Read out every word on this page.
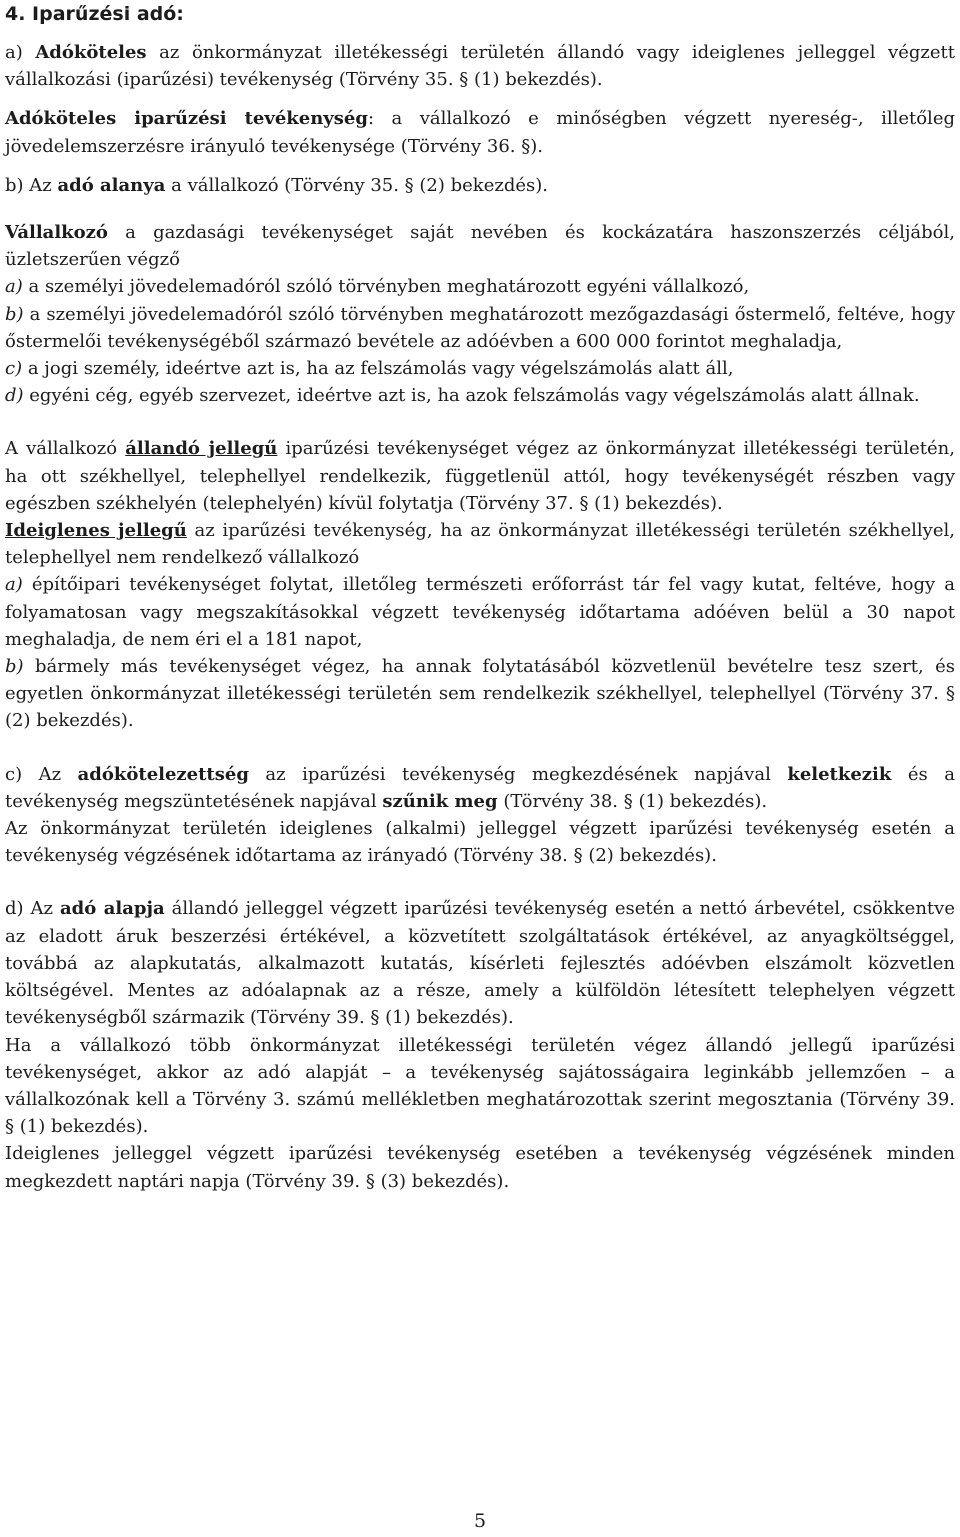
4. Iparűzési adó:

a) Adóköteles az önkormányzat illetékességi területén állandó vagy ideiglenes jelleggel végzett vállalkozási (iparűzési) tevékenység (Törvény 35. § (1) bekezdés).

Adóköteles iparűzési tevékenység: a vállalkozó e minőségben végzett nyereség-, illetőleg jövedelemszerzésre irányuló tevékenysége (Törvény 36. §).

b) Az adó alanya a vállalkozó (Törvény 35. § (2) bekezdés).

Vállalkozó a gazdasági tevékenységet saját nevében és kockázatára haszonszerzés céljából, üzletszerűen végző

a) a személyi jövedelemadóról szóló törvényben meghatározott egyéni vállalkozó,

b) a személyi jövedelemadóról szóló törvényben meghatározott mezőgazdasági őstermelő, feltéve, hogy őstermelői tevékenységéből származó bevétele az adóévben a 600 000 forintot meghaladja,

c) a jogi személy, ideértve azt is, ha az felszámolás vagy végelszámolás alatt áll,

d) egyéni cég, egyéb szervezet, ideértve azt is, ha azok felszámolás vagy végelszámolás alatt állnak.

A vállalkozó állandó jellegű iparűzési tevékenységet végez az önkormányzat illetékességi területén, ha ott székhellyel, telephellyel rendelkezik, függetlenül attól, hogy tevékenységét részben vagy egészben székhelyén (telephelyén) kívül folytatja (Törvény 37. § (1) bekezdés).

Ideiglenes jellegű az iparűzési tevékenység, ha az önkormányzat illetékességi területén székhellyel, telephellyel nem rendelkező vállalkozó

a) építőipari tevékenységet folytat, illetőleg természeti erőforrást tár fel vagy kutat, feltéve, hogy a folyamatosan vagy megszakításokkal végzett tevékenység időtartama adóéven belül a 30 napot meghaladja, de nem éri el a 181 napot,

b) bármely más tevékenységet végez, ha annak folytatásából közvetlenül bevételre tesz szert, és egyetlen önkormányzat illetékességi területén sem rendelkezik székhellyel, telephellyel (Törvény 37. § (2) bekezdés).

c) Az adókötelezettség az iparűzési tevékenység megkezdésének napjával keletkezik és a tevékenység megszüntetésének napjával szűnik meg (Törvény 38. § (1) bekezdés).

Az önkormányzat területén ideiglenes (alkalmi) jelleggel végzett iparűzési tevékenység esetén a tevékenység végzésének időtartama az irányadó (Törvény 38. § (2) bekezdés).

d) Az adó alapja állandó jelleggel végzett iparűzési tevékenység esetén a nettó árbevétel, csökkentve az eladott áruk beszerzési értékével, a közvetített szolgáltatások értékével, az anyagköltséggel, továbbá az alapkutatás, alkalmazott kutatás, kísérleti fejlesztés adóévben elszámolt közvetlen költségével. Mentes az adóalapnak az a része, amely a külföldön létesített telephelyen végzett tevékenységből származik (Törvény 39. § (1) bekezdés).

Ha a vállalkozó több önkormányzat illetékességi területén végez állandó jellegű iparűzési tevékenységet, akkor az adó alapját – a tevékenység sajátosságaira leginkább jellemzően – a vállalkozónak kell a Törvény 3. számú mellékletben meghatározottak szerint megosztania (Törvény 39. § (1) bekezdés).

Ideiglenes jelleggel végzett iparűzési tevékenység esetében a tevékenység végzésének minden megkezdett naptári napja (Törvény 39. § (3) bekezdés).

5
